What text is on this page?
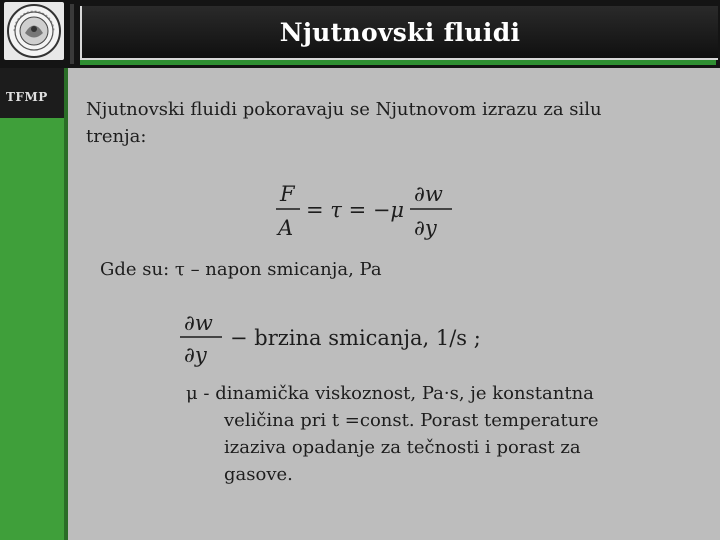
Njutnovski fluidi
TFMP
Njutnovski fluidi pokoravaju se Njutnovom izrazu za silu
trenja:
F
A
= τ = −μ
∂w
∂y
Gde su: τ – napon smicanja, Pa
∂w
∂y
− brzina smicanja, 1/s ;
μ - dinamička viskoznost, Pa·s, je konstantna
veličina pri t =const. Porast temperature
izaziva opadanje za tečnosti i porast za
gasove.
